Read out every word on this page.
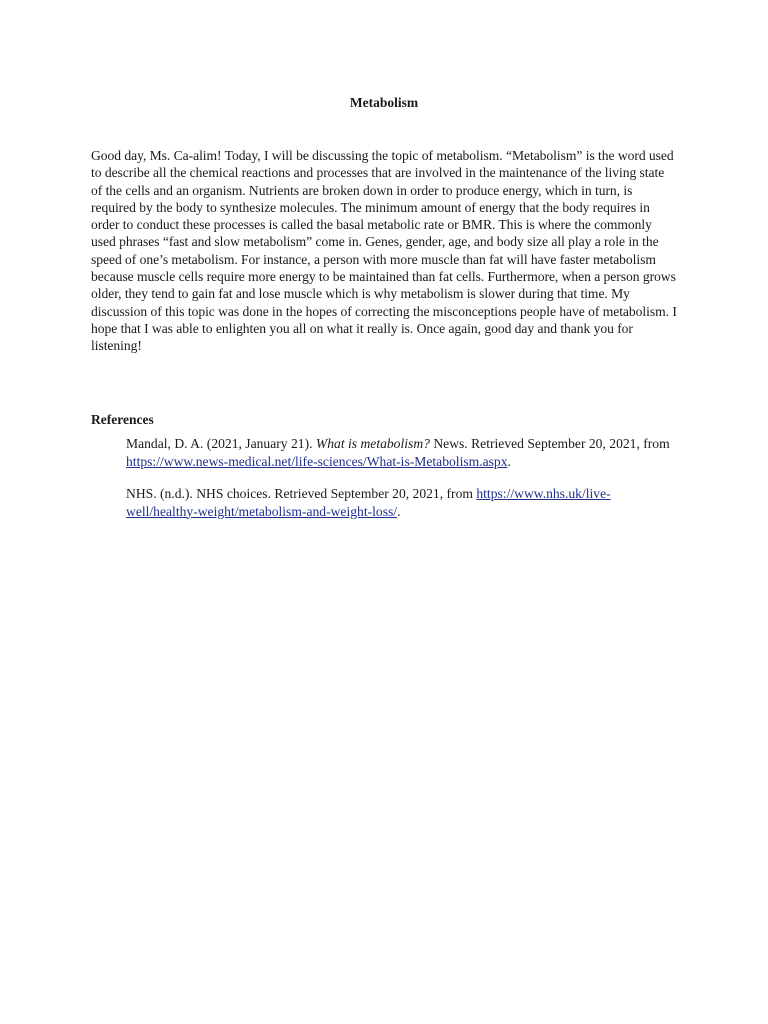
Metabolism

Good day, Ms. Ca-alim! Today, I will be discussing the topic of metabolism. “Metabolism” is the word used to describe all the chemical reactions and processes that are involved in the maintenance of the living state of the cells and an organism. Nutrients are broken down in order to produce energy, which in turn, is required by the body to synthesize molecules. The minimum amount of energy that the body requires in order to conduct these processes is called the basal metabolic rate or BMR. This is where the commonly used phrases “fast and slow metabolism” come in. Genes, gender, age, and body size all play a role in the speed of one’s metabolism. For instance, a person with more muscle than fat will have faster metabolism because muscle cells require more energy to be maintained than fat cells. Furthermore, when a person grows older, they tend to gain fat and lose muscle which is why metabolism is slower during that time. My discussion of this topic was done in the hopes of correcting the misconceptions people have of metabolism. I hope that I was able to enlighten you all on what it really is. Once again, good day and thank you for listening!

References

Mandal, D. A. (2021, January 21). What is metabolism? News. Retrieved September 20, 2021, from https://www.news-medical.net/life-sciences/What-is-Metabolism.aspx.

NHS. (n.d.). NHS choices. Retrieved September 20, 2021, from https://www.nhs.uk/live-well/healthy-weight/metabolism-and-weight-loss/.
